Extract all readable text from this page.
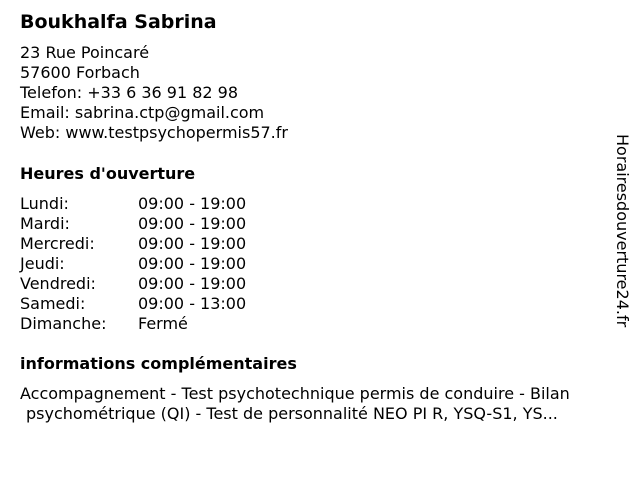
Boukhalfa Sabrina
23 Rue Poincaré
57600 Forbach
Telefon: +33 6 36 91 82 98
Email: sabrina.ctp@gmail.com
Web: www.testpsychopermis57.fr
Heures d'ouverture
Lundi:	09:00 - 19:00
Mardi:	09:00 - 19:00
Mercredi:	09:00 - 19:00
Jeudi:	09:00 - 19:00
Vendredi:	09:00 - 19:00
Samedi:	09:00 - 13:00
Dimanche: Fermé
informations complémentaires
Accompagnement - Test psychotechnique permis de conduire - Bilan
psychométrique (QI) - Test de personnalité NEO PI R, YSQ-S1, YS...
Horairesdouverture24.fr
